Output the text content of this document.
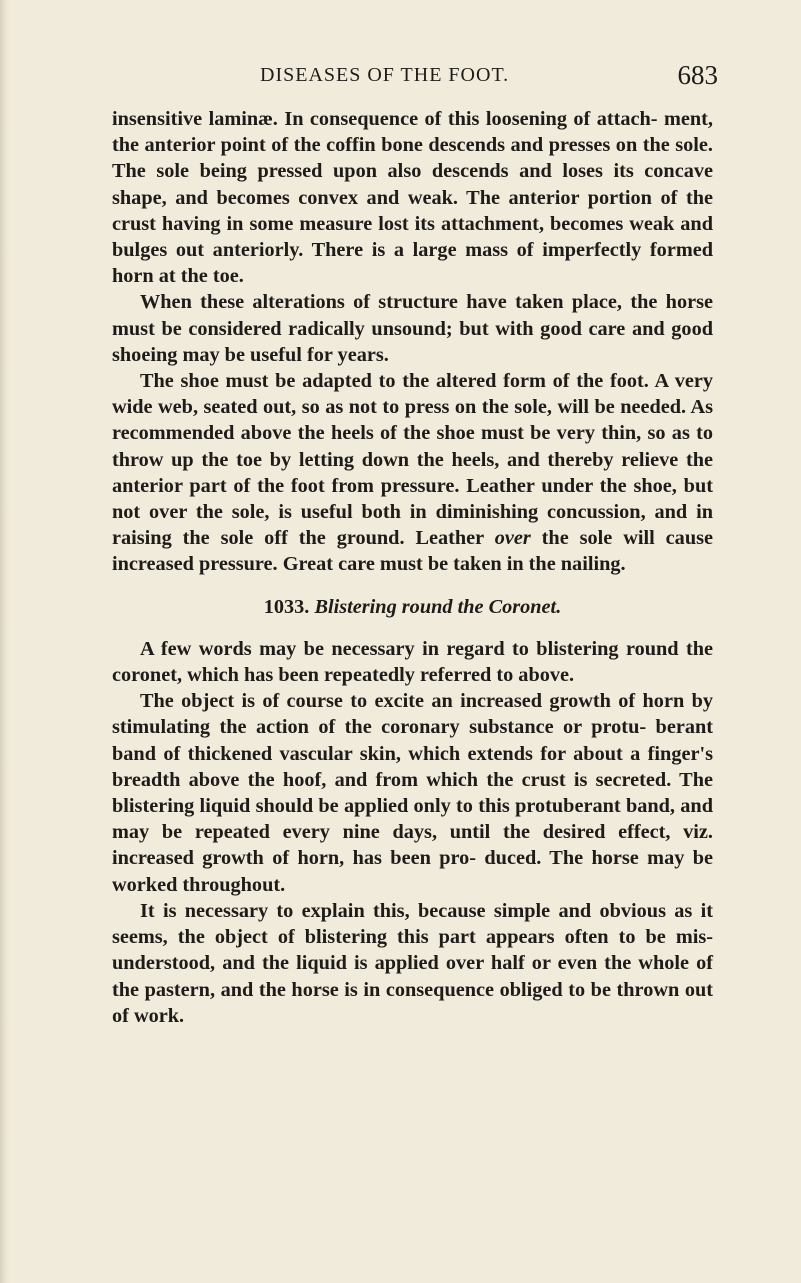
DISEASES OF THE FOOT.	683

insensitive laminæ. In consequence of this loosening of attach- ment, the anterior point of the coffin bone descends and presses on the sole. The sole being pressed upon also descends and loses its concave shape, and becomes convex and weak. The anterior portion of the crust having in some measure lost its attachment, becomes weak and bulges out anteriorly. There is a large mass of imperfectly formed horn at the toe.

When these alterations of structure have taken place, the horse must be considered radically unsound; but with good care and good shoeing may be useful for years.

The shoe must be adapted to the altered form of the foot. A very wide web, seated out, so as not to press on the sole, will be needed. As recommended above the heels of the shoe must be very thin, so as to throw up the toe by letting down the heels, and thereby relieve the anterior part of the foot from pressure. Leather under the shoe, but not over the sole, is useful both in diminishing concussion, and in raising the sole off the ground. Leather over the sole will cause increased pressure. Great care must be taken in the nailing.

1033. Blistering round the Coronet.

A few words may be necessary in regard to blistering round the coronet, which has been repeatedly referred to above.

The object is of course to excite an increased growth of horn by stimulating the action of the coronary substance or protu- berant band of thickened vascular skin, which extends for about a finger's breadth above the hoof, and from which the crust is secreted. The blistering liquid should be applied only to this protuberant band, and may be repeated every nine days, until the desired effect, viz. increased growth of horn, has been pro- duced. The horse may be worked throughout.

It is necessary to explain this, because simple and obvious as it seems, the object of blistering this part appears often to be mis-understood, and the liquid is applied over half or even the whole of the pastern, and the horse is in consequence obliged to be thrown out of work.
